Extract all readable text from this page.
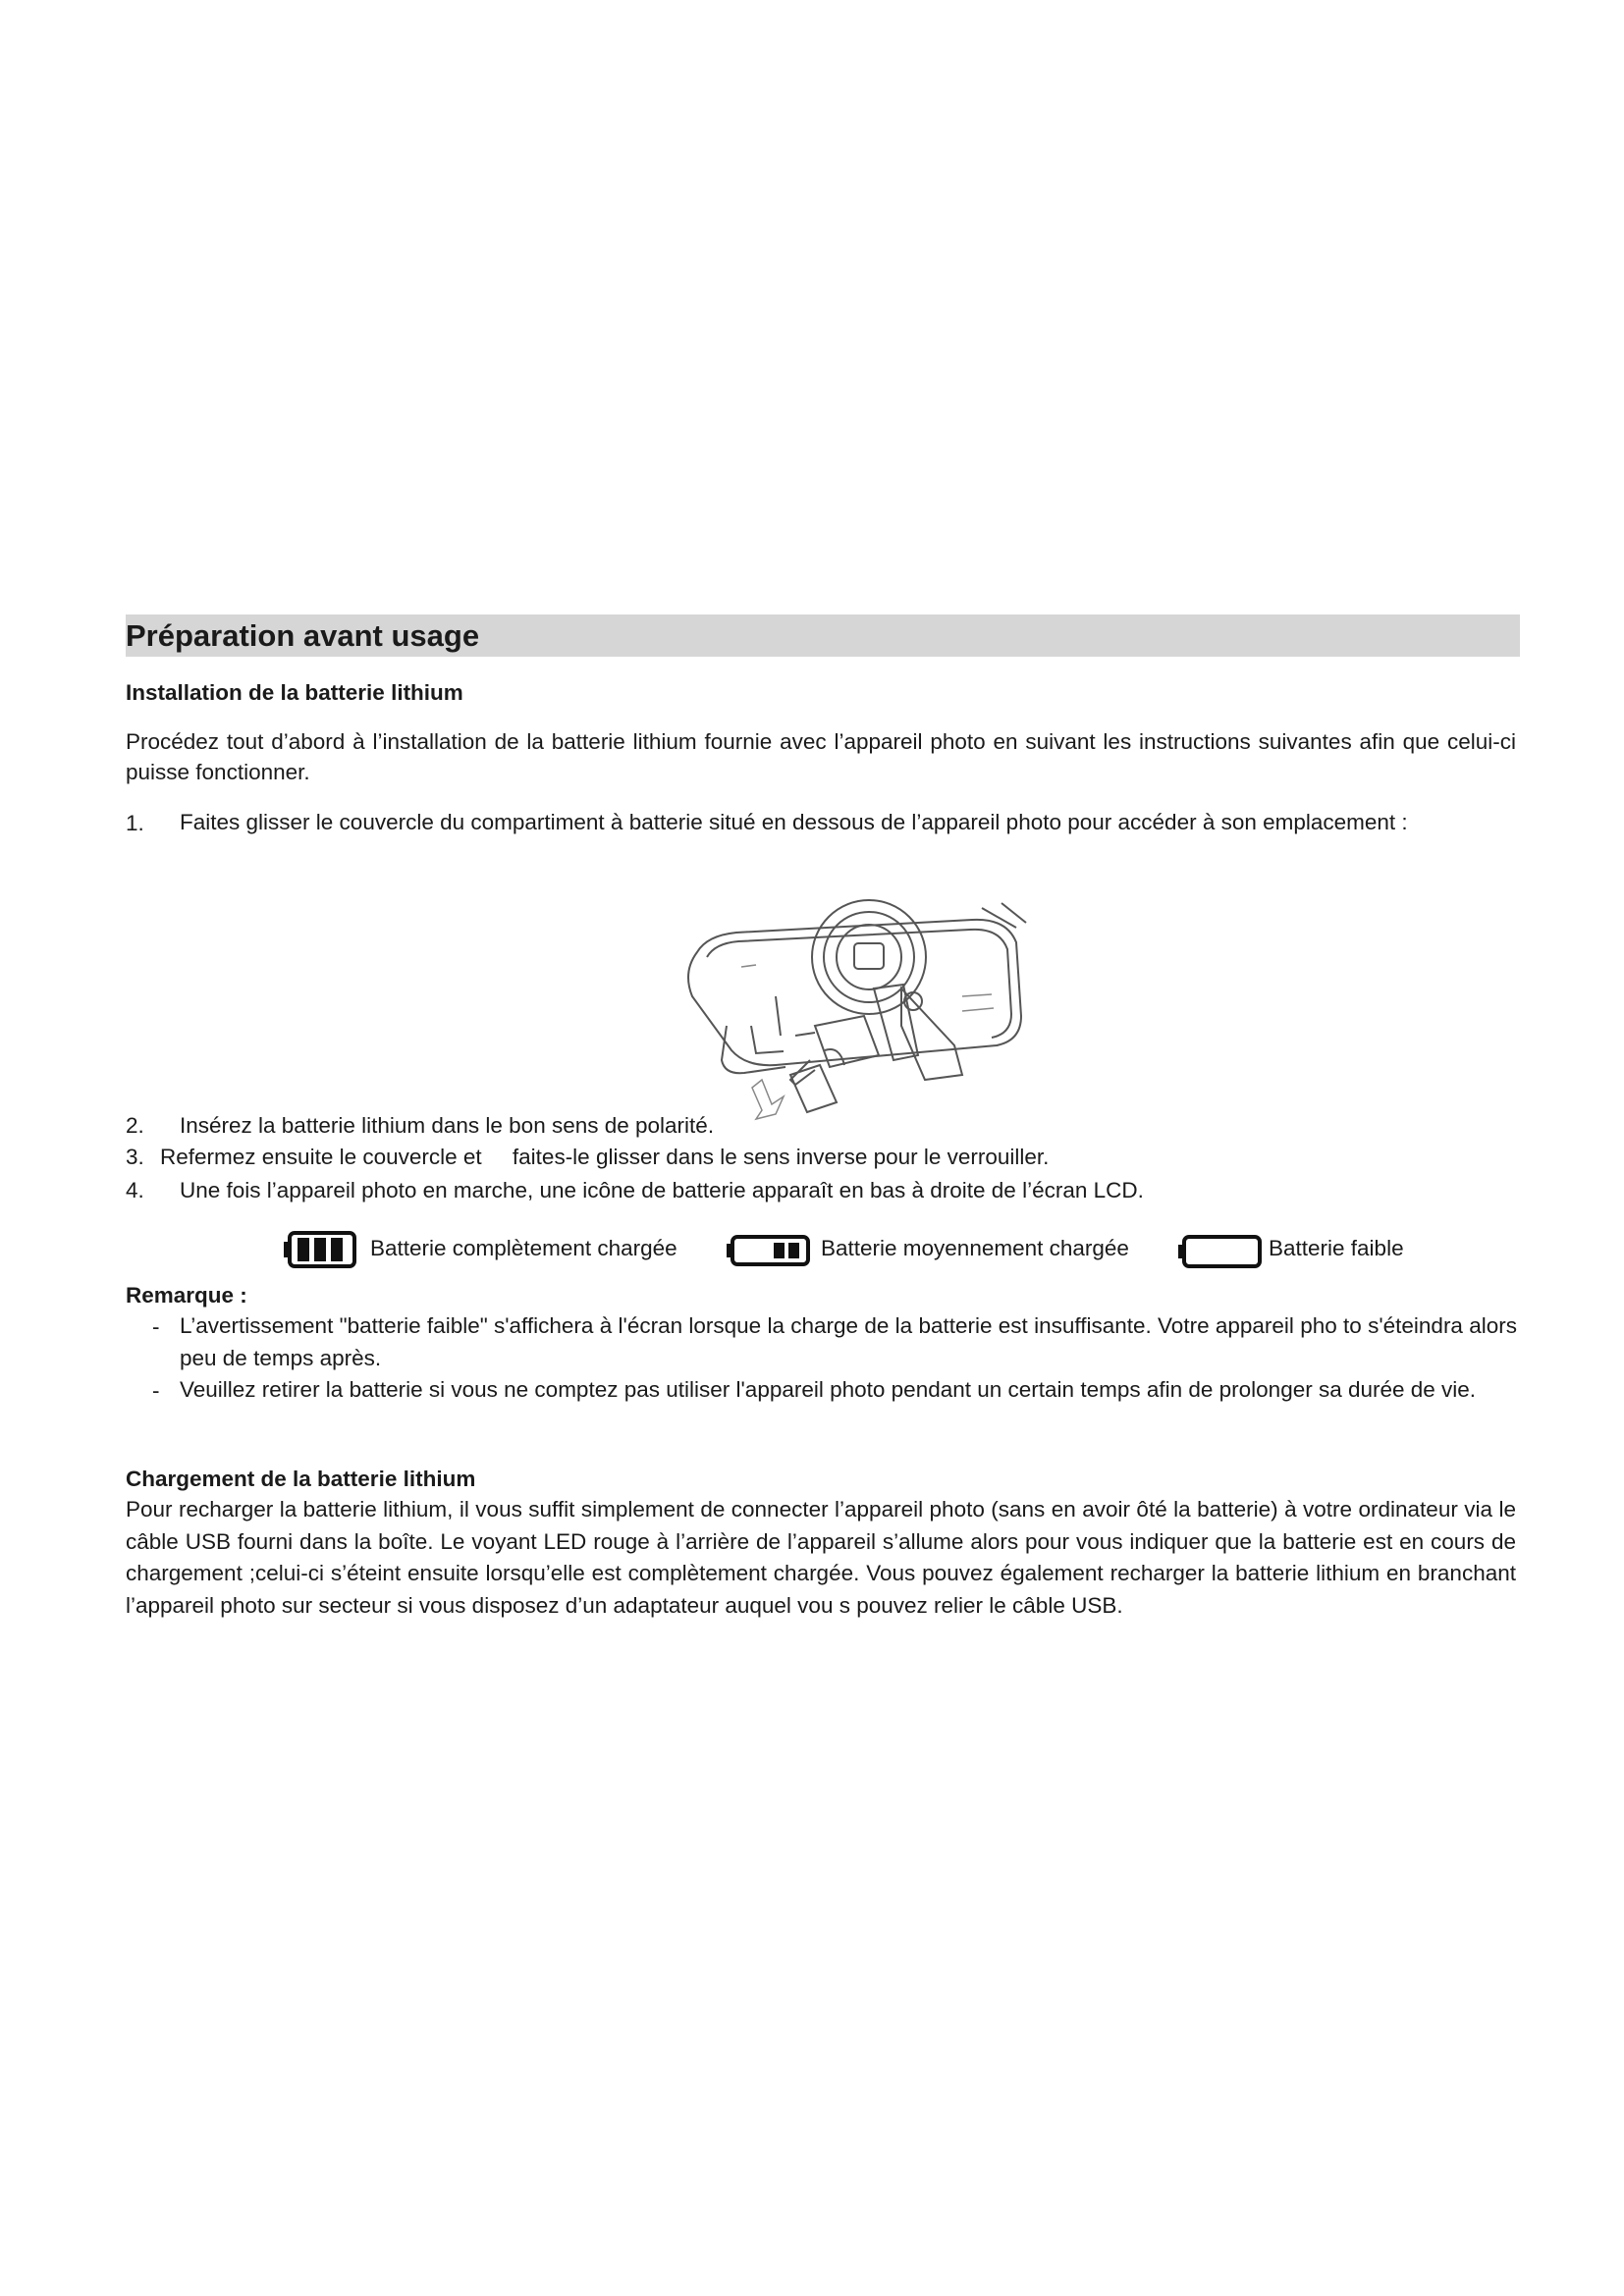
Préparation avant usage
Installation de la batterie lithium
Procédez tout d’abord à l’installation de la batterie lithium fournie avec l’appareil photo en suivant les instructions suivantes afin que celui-ci puisse fonctionner.
1. Faites glisser le couvercle du compartiment à batterie situé en dessous de l’appareil photo pour accéder à son emplacement :
2. Insérez la batterie lithium dans le bon sens de polarité.
3. Refermez ensuite le couvercle et     faites-le glisser dans le sens inverse pour le verrouiller.
4. Une fois l’appareil photo en marche, une icône de batterie apparaît en bas à droite de l’écran LCD.
Batterie complètement chargée	Batterie moyennement chargée	Batterie faible
Remarque :
- L’avertissement "batterie faible" s'affichera à l'écran lorsque la charge de la batterie est insuffisante. Votre appareil pho to s'éteindra alors peu de temps après.
- Veuillez retirer la batterie si vous ne comptez pas utiliser l'appareil photo pendant un certain temps afin de prolonger sa durée de vie.
Chargement de la batterie lithium
Pour recharger la batterie lithium, il vous suffit simplement de connecter l’appareil photo (sans en avoir ôté la batterie) à votre ordinateur via le câble USB fourni dans la boîte. Le voyant LED rouge à l’arrière de l’appareil s’allume alors pour vous indiquer que la batterie est en cours de chargement ;celui-ci s’éteint ensuite lorsqu’elle est complètement chargée. Vous pouvez également recharger la batterie lithium en branchant l’appareil photo sur secteur si vous disposez d’un adaptateur auquel vou s pouvez relier le câble USB.
